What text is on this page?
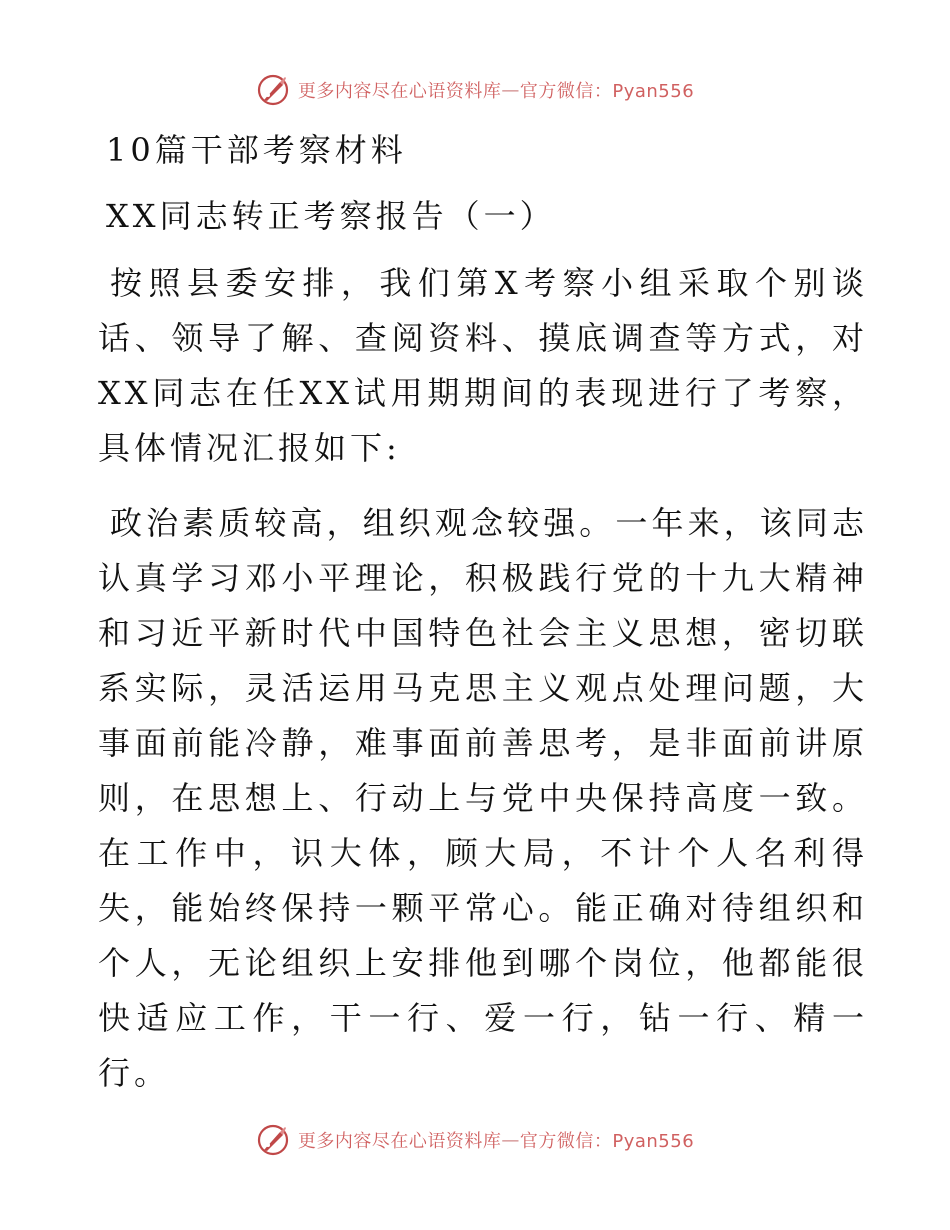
更多内容尽在心语资料库 — 官方微信：Pyan556
10篇干部考察材料
XX同志转正考察报告（一）

按照县委安排，我们第X考察小组采取个别谈话、领导了解、查阅资料、摸底调查等方式，对XX同志在任XX试用期期间的表现进行了考察，具体情况汇报如下:

政治素质较高，组织观念较强。一年来，该同志认真学习邓小平理论，积极践行党的十九大精神和习近平新时代中国特色社会主义思想，密切联系实际，灵活运用马克思主义观点处理问题，大事面前能冷静，难事面前善思考，是非面前讲原则，在思想上、行动上与党中央保持高度一致。在工作中，识大体，顾大局，不计个人名利得失，能始终保持一颗平常心。能正确对待组织和个人，无论组织上安排他到哪个岗位，他都能很快适应工作，干一行、爱一行，钻一行、精一行。

更多内容尽在心语资料库 — 官方微信：Pyan556
